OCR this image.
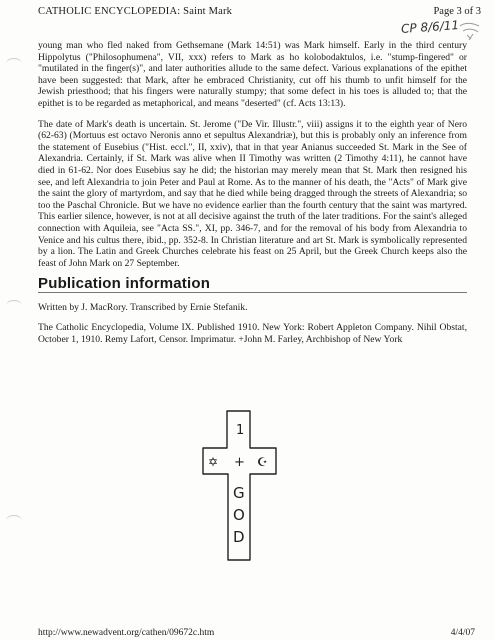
CATHOLIC ENCYCLOPEDIA: Saint Mark	Page 3 of 3
CP 8/6/11

young man who fled naked from Gethsemane (Mark 14:51) was Mark himself. Early in the third century Hippolytus ("Philosophumena", VII, xxx) refers to Mark as ho kolobodaktulos, i.e. "stump-fingered" or "mutilated in the finger(s)", and later authorities allude to the same defect. Various explanations of the epithet have been suggested: that Mark, after he embraced Christianity, cut off his thumb to unfit himself for the Jewish priesthood; that his fingers were naturally stumpy; that some defect in his toes is alluded to; that the epithet is to be regarded as metaphorical, and means "deserted" (cf. Acts 13:13).

The date of Mark's death is uncertain. St. Jerome ("De Vir. Illustr.", viii) assigns it to the eighth year of Nero (62-63) (Mortuus est octavo Neronis anno et sepultus Alexandriæ), but this is probably only an inference from the statement of Eusebius ("Hist. eccl.", II, xxiv), that in that year Anianus succeeded St. Mark in the See of Alexandria. Certainly, if St. Mark was alive when II Timothy was written (2 Timothy 4:11), he cannot have died in 61-62. Nor does Eusebius say he did; the historian may merely mean that St. Mark then resigned his see, and left Alexandria to join Peter and Paul at Rome. As to the manner of his death, the "Acts" of Mark give the saint the glory of martyrdom, and say that he died while being dragged through the streets of Alexandria; so too the Paschal Chronicle. But we have no evidence earlier than the fourth century that the saint was martyred. This earlier silence, however, is not at all decisive against the truth of the later traditions. For the saint's alleged connection with Aquileia, see "Acta SS.", XI, pp. 346-7, and for the removal of his body from Alexandria to Venice and his cultus there, ibid., pp. 352-8. In Christian literature and art St. Mark is symbolically represented by a lion. The Latin and Greek Churches celebrate his feast on 25 April, but the Greek Church keeps also the feast of John Mark on 27 September.

Publication information

Written by J. MacRory. Transcribed by Ernie Stefanik.

The Catholic Encyclopedia, Volume IX. Published 1910. New York: Robert Appleton Company. Nihil Obstat, October 1, 1910. Remy Lafort, Censor. Imprimatur. +John M. Farley, Archbishop of New York

1
✡ + ☪
G
O
D
http://www.newadvent.org/cathen/09672c.htm	4/4/07
